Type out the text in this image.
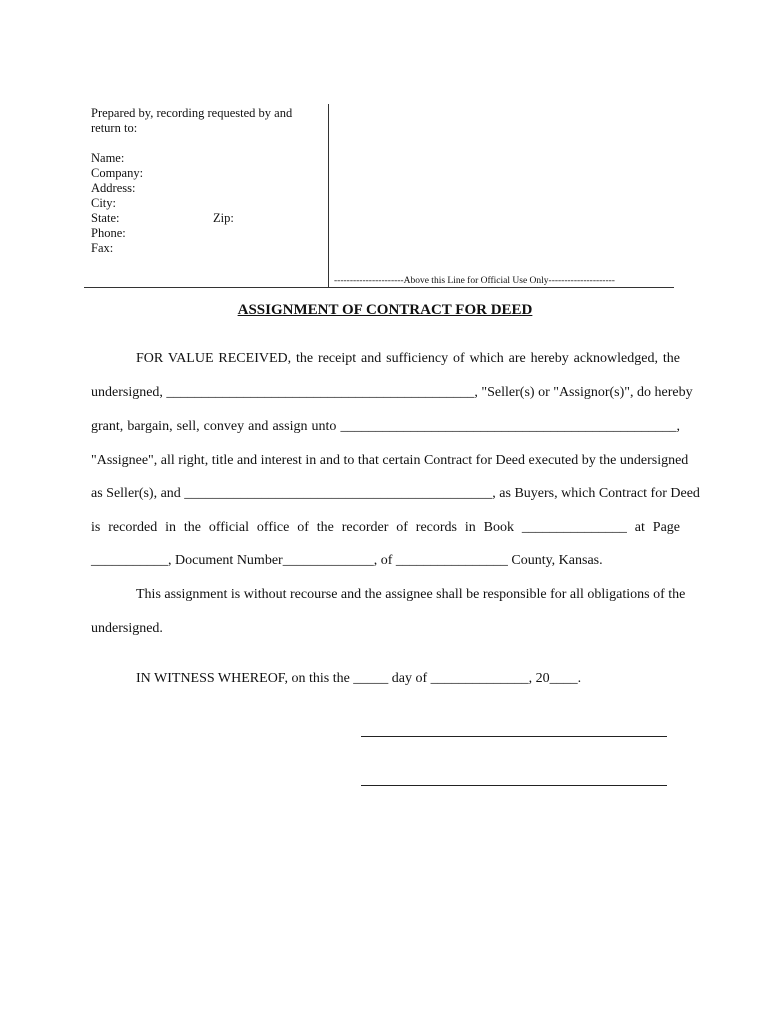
Prepared by, recording requested by and
return to:
Name:
Company:
Address:
City:
State:	Zip:
Phone:
Fax:
----------------------Above this Line for Official Use Only---------------------
ASSIGNMENT OF CONTRACT FOR DEED
FOR VALUE RECEIVED, the receipt and sufficiency of which are hereby acknowledged, the
undersigned, ____________________________________________, "Seller(s) or "Assignor(s)", do hereby
grant, bargain, sell, convey and assign unto ________________________________________________,
"Assignee", all right, title and interest in and to that certain Contract for Deed executed by the undersigned
as Seller(s), and ____________________________________________, as Buyers, which Contract for Deed
is recorded in the official office of the recorder of records in Book _______________ at Page
___________, Document Number_____________, of ________________ County, Kansas.
This assignment is without recourse and the assignee shall be responsible for all obligations of the
undersigned.
IN WITNESS WHEREOF, on this the _____ day of ______________, 20____.
